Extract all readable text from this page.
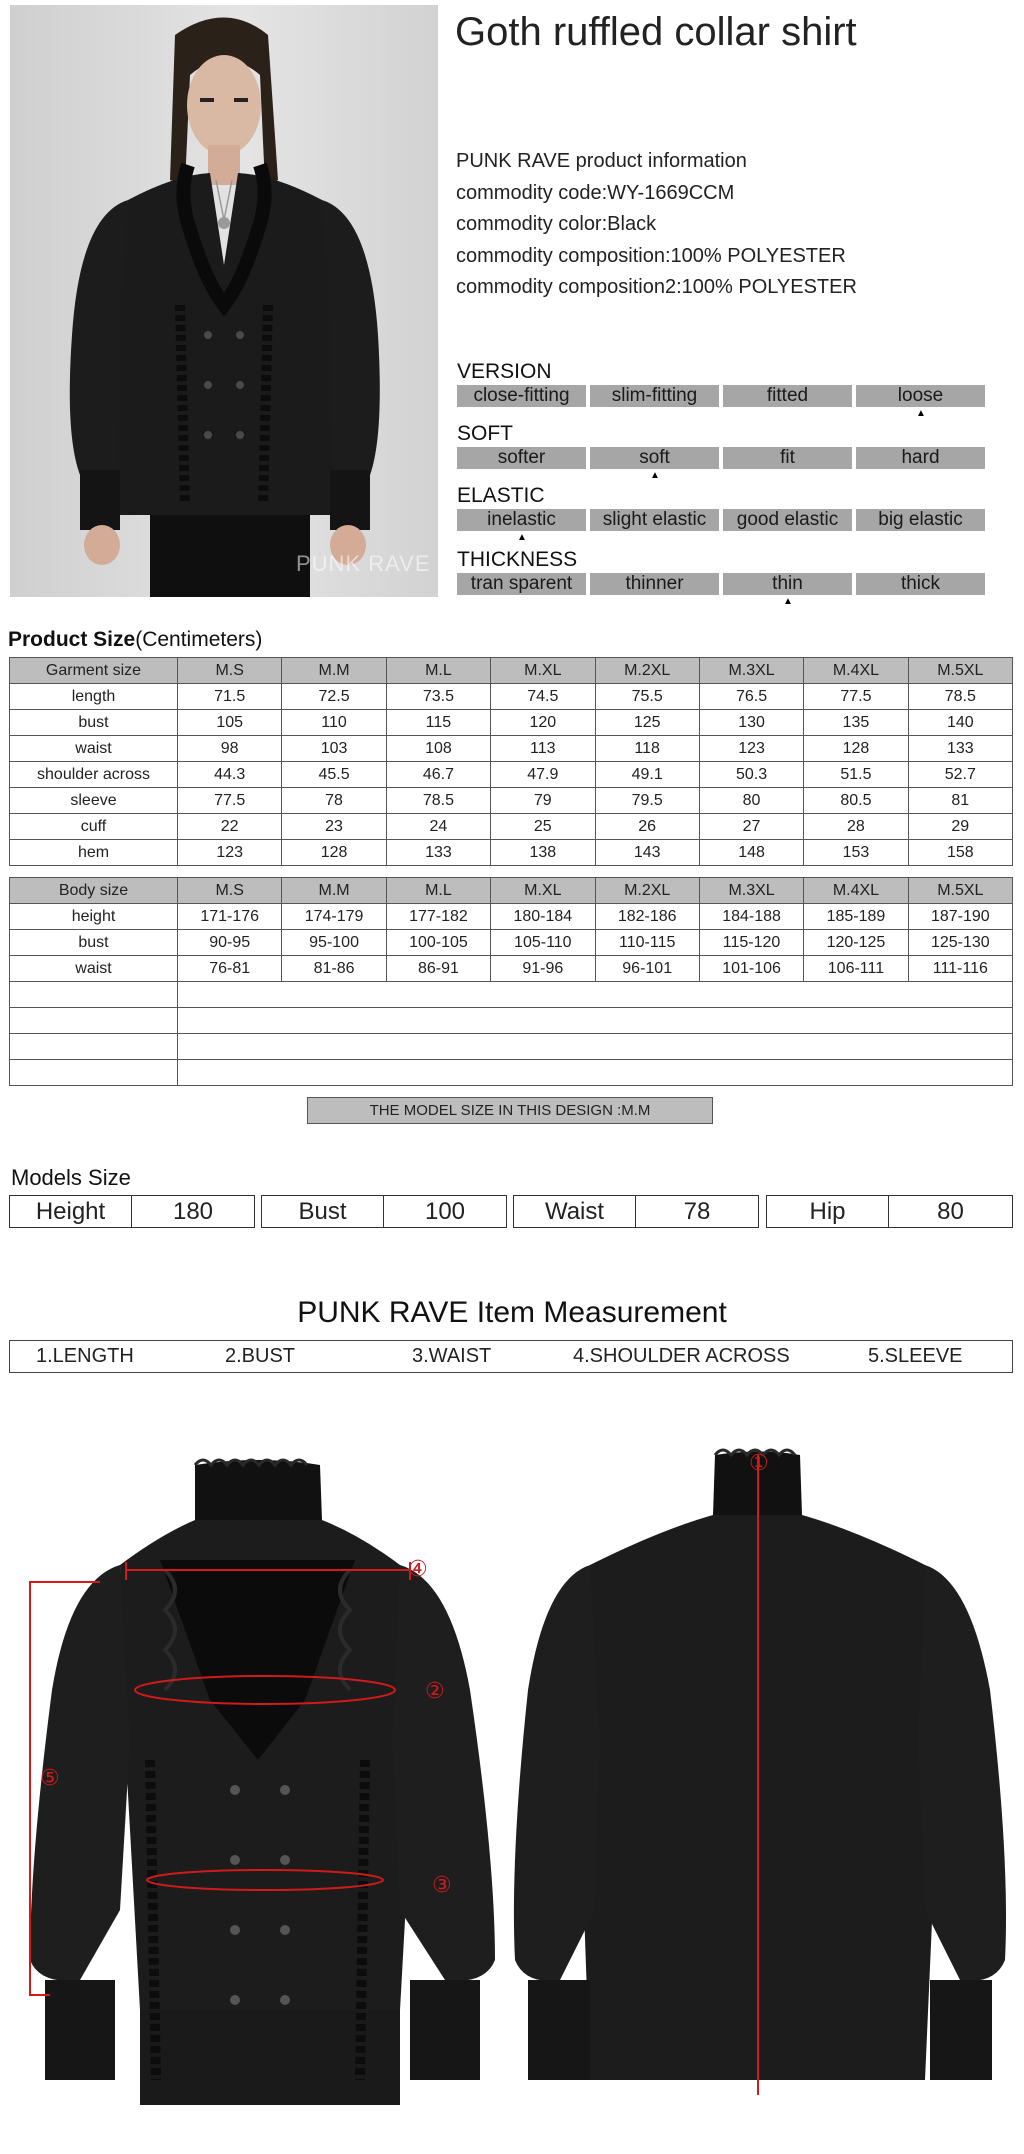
PUNK RAVE
Goth ruffled collar shirt
PUNK RAVE product information
commodity code:WY-1669CCM
commodity color:Black
commodity composition:100% POLYESTER
commodity composition2:100% POLYESTER
VERSION
close-fitting	slim-fitting	fitted	loose
▲
SOFT
softer	soft	fit	hard
▲
ELASTIC
inelastic	slight elastic	good elastic	big elastic
▲
THICKNESS
tran sparent	thinner	thin	thick
▲
Product Size(Centimeters)
Garment size	M.S	M.M	M.L	M.XL	M.2XL	M.3XL	M.4XL	M.5XL
length	71.5	72.5	73.5	74.5	75.5	76.5	77.5	78.5
bust	105	110	115	120	125	130	135	140
waist	98	103	108	113	118	123	128	133
shoulder across	44.3	45.5	46.7	47.9	49.1	50.3	51.5	52.7
sleeve	77.5	78	78.5	79	79.5	80	80.5	81
cuff	22	23	24	25	26	27	28	29
hem	123	128	133	138	143	148	153	158
Body size	M.S	M.M	M.L	M.XL	M.2XL	M.3XL	M.4XL	M.5XL
height	171-176	174-179	177-182	180-184	182-186	184-188	185-189	187-190
bust	90-95	95-100	100-105	105-110	110-115	115-120	120-125	125-130
waist	76-81	81-86	86-91	91-96	96-101	101-106	106-111	111-116

THE MODEL SIZE IN THIS DESIGN :M.M
Models Size
Height	180	Bust	100	Waist	78	Hip	80
PUNK RAVE Item Measurement
1.LENGTH	2.BUST	3.WAIST	4.SHOULDER ACROSS	5.SLEEVE
①
②
③
④
⑤
